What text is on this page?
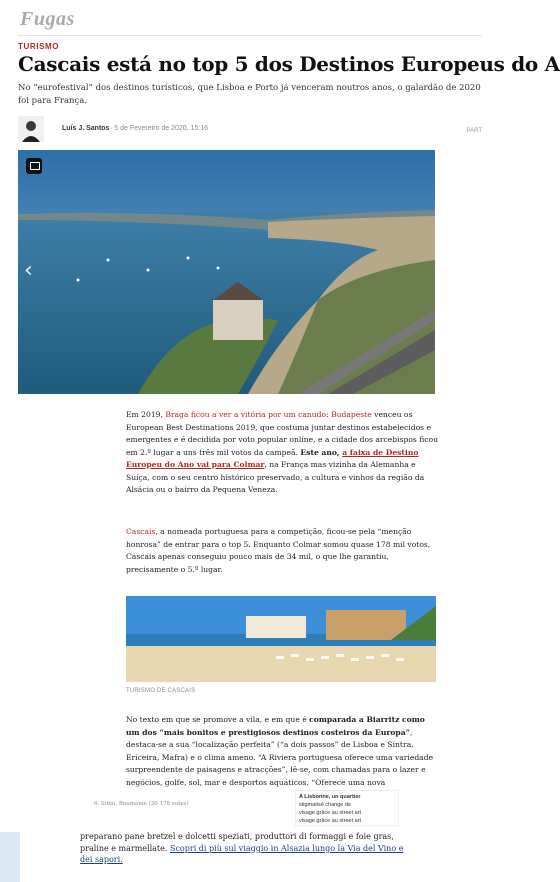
Fugas
TURISMO
Cascais está no top 5 dos Destinos Europeus do A
No “eurofestival” dos destinos turísticos, que Lisboa e Porto já venceram noutros anos, o galardão de 2020 foi para França.
Luís J. Santos · 5 de Fevereiro de 2020, 15:16	PART
‹

Em 2019, Braga ficou a ver a vitória por um canudo: Budapeste venceu os European Best Destinations 2019, que costuma juntar destinos estabelecidos e emergentes e é decidida por voto popular online, e a cidade dos arcebispos ficou em 2.º lugar a uns três mil votos da campeã. Este ano, a faixa de Destino Europeu do Ano vai para Colmar, na França mas vizinha da Alemanha e Suíça, com o seu centro histórico preservado, a cultura e vinhos da região da Alsácia ou o bairro da Pequena Veneza.

Cascais, a nomeada portuguesa para a competição, ficou-se pela “menção honrosa” de entrar para o top 5. Enquanto Colmar somou quase 178 mil votos, Cascais apenas conseguiu pouco mais de 34 mil, o que lhe garantiu, precisamente o 5.º lugar.

TURISMO DE CASCAIS

No texto em que se promove a vila, e em que é comparada a Biarritz como um dos “mais bonitos e prestigiosos destinos costeiros da Europa”, destaca-se a sua “localização perfeita” (“a dois passos” de Lisboa e Sintra, Ericeira, Mafra) e o clima ameno. “A Riviera portuguesa oferece uma variedade surpreendente de paisagens e atracções”, lê-se, com chamadas para o lazer e negócios, golfe, sol, mar e desportos aquáticos. “Oferece uma nova

6. Sibiu, Roumanie (30 178 votes)
A Lisbonne, un quartier
stigmatisé change de
visage grâce au street art
visage grâce au street art
preparano pane bretzel e dolcetti speziati, produttori di formaggi e foie gras, praline e marmellate. Scopri di più sul viaggio in Alsazia lungo la Via del Vino e dei sapori.
